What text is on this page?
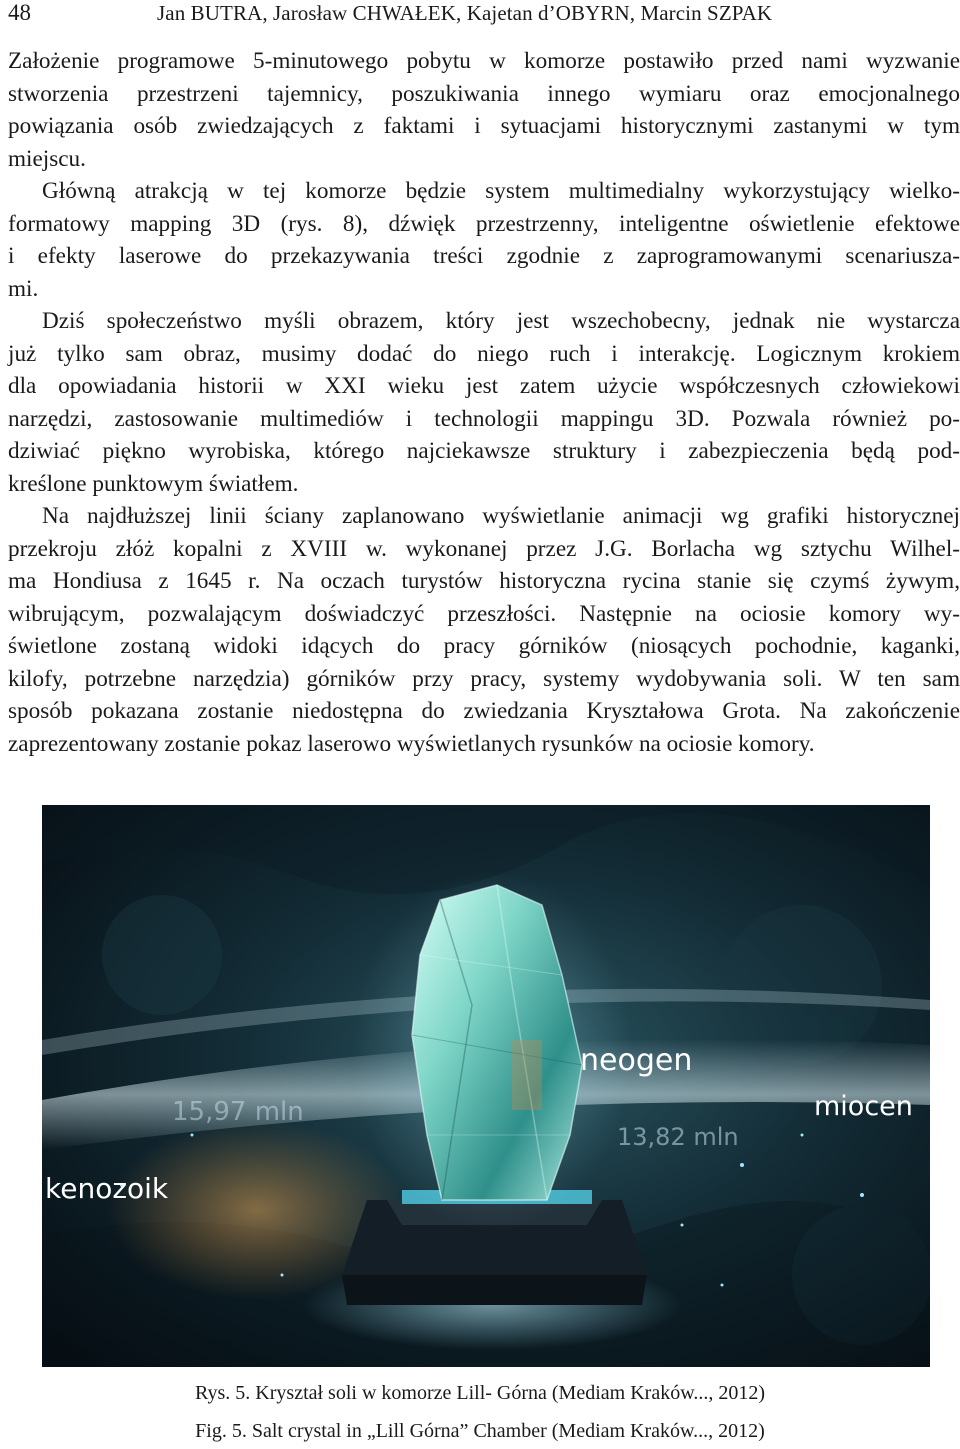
48	Jan BUTRA, Jarosław CHWAŁEK, Kajetan d’OBYRN, Marcin SZPAK
Założenie programowe 5-minutowego pobytu w komorze postawiło przed nami wyzwanie
stworzenia przestrzeni tajemnicy, poszukiwania innego wymiaru oraz emocjonalnego
powiązania osób zwiedzających z faktami i sytuacjami historycznymi zastanymi w tym
miejscu.
Główną atrakcją w tej komorze będzie system multimedialny wykorzystujący wielko-
formatowy mapping 3D (rys. 8), dźwięk przestrzenny, inteligentne oświetlenie efektowe
i efekty laserowe do przekazywania treści zgodnie z zaprogramowanymi scenariusza-
mi.
Dziś społeczeństwo myśli obrazem, który jest wszechobecny, jednak nie wystarcza
już tylko sam obraz, musimy dodać do niego ruch i interakcję. Logicznym krokiem
dla opowiadania historii w XXI wieku jest zatem użycie współczesnych człowiekowi
narzędzi, zastosowanie multimediów i technologii mappingu 3D. Pozwala również po-
dziwiać piękno wyrobiska, którego najciekawsze struktury i zabezpieczenia będą pod-
kreślone punktowym światłem.
Na najdłuższej linii ściany zaplanowano wyświetlanie animacji wg grafiki historycznej
przekroju złóż kopalni z XVIII w. wykonanej przez J.G. Borlacha wg sztychu Wilhel-
ma Hondiusa z 1645 r. Na oczach turystów historyczna rycina stanie się czymś żywym,
wibrującym, pozwalającym doświadczyć przeszłości. Następnie na ociosie komory wy-
świetlone zostaną widoki idących do pracy górników (niosących pochodnie, kaganki,
kilofy, potrzebne narzędzia) górników przy pracy, systemy wydobywania soli. W ten sam
sposób pokazana zostanie niedostępna do zwiedzania Kryształowa Grota. Na zakończenie
zaprezentowany zostanie pokaz laserowo wyświetlanych rysunków na ociosie komory.
neogen
miocen
15,97 mln
13,82 mln
kenozoik
Rys. 5. Kryształ soli w komorze Lill- Górna (Mediam Kraków..., 2012)
Fig. 5. Salt crystal in „Lill Górna” Chamber (Mediam Kraków..., 2012)
